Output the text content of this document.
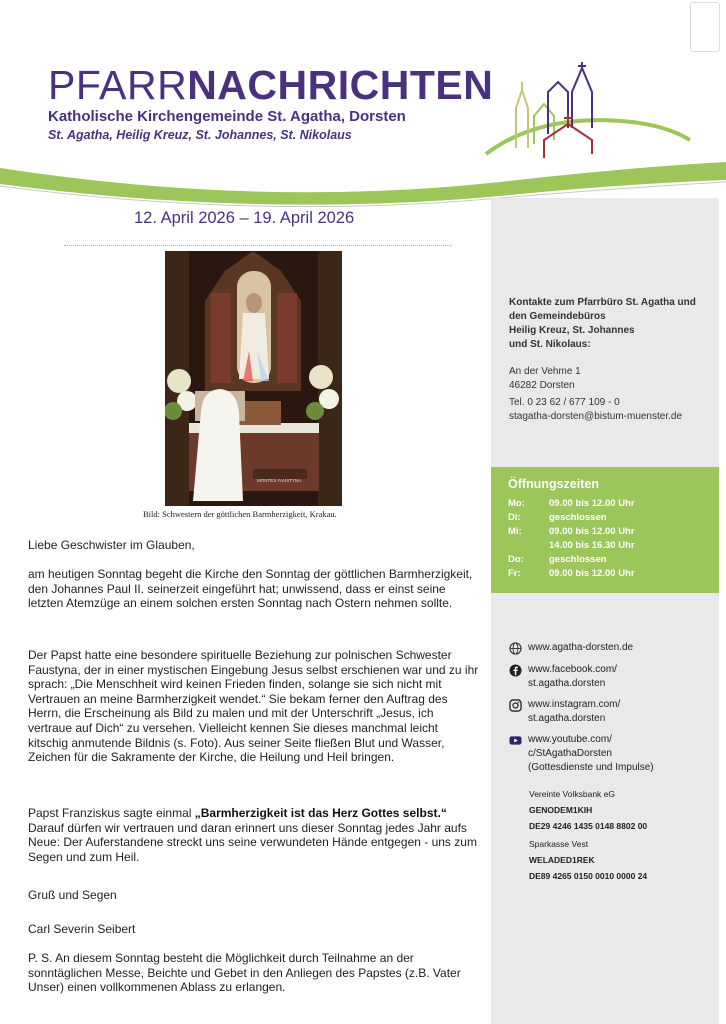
PFARRNACHRICHTEN
Katholische Kirchengemeinde St. Agatha, Dorsten
St. Agatha, Heilig Kreuz, St. Johannes, St. Nikolaus
12. April 2026 – 19. April 2026
MONTES FAUSTYNA
Bild: Schwestern der göttlichen Barmherzigkeit, Krakau.
Liebe Geschwister im Glauben,
am heutigen Sonntag begeht die Kirche den Sonntag der göttlichen Barmherzigkeit, den Johannes Paul II. seinerzeit eingeführt hat; unwissend, dass er einst seine letzten Atemzüge an einem solchen ersten Sonntag nach Ostern nehmen sollte.
Der Papst hatte eine besondere spirituelle Beziehung zur polnischen Schwester Faustyna, der in einer mystischen Eingebung Jesus selbst erschienen war und zu ihr sprach: „Die Menschheit wird keinen Frieden finden, solange sie sich nicht mit Vertrauen an meine Barmherzigkeit wendet.“ Sie bekam ferner den Auftrag des Herrn, die Erscheinung als Bild zu malen und mit der Unterschrift „Jesus, ich vertraue auf Dich“ zu versehen. Vielleicht kennen Sie dieses manchmal leicht kitschig anmutende Bildnis (s. Foto). Aus seiner Seite fließen Blut und Wasser, Zeichen für die Sakramente der Kirche, die Heilung und Heil bringen.
Papst Franziskus sagte einmal „Barmherzigkeit ist das Herz Gottes selbst.“ Darauf dürfen wir vertrauen und daran erinnert uns dieser Sonntag jedes Jahr aufs Neue: Der Auferstandene streckt uns seine verwundeten Hände entgegen - uns zum Segen und zum Heil.
Gruß und Segen
Carl Severin Seibert
P. S. An diesem Sonntag besteht die Möglichkeit durch Teilnahme an der sonntäglichen Messe, Beichte und Gebet in den Anliegen des Papstes (z.B. Vater Unser) einen vollkommenen Ablass zu erlangen.
Kontakte zum Pfarrbüro St. Agatha und
den Gemeindebüros
Heilig Kreuz, St. Johannes
und St. Nikolaus:
An der Vehme 1
46282 Dorsten
Tel. 0 23 62 / 677 109 - 0
stagatha-dorsten@bistum-muenster.de
Öffnungszeiten
Mo:	09.00 bis 12.00 Uhr
Di:	geschlossen
Mi:	09.00 bis 12.00 Uhr
14.00 bis 16.30 Uhr
Do:	geschlossen
Fr:	09.00 bis 12.00 Uhr
www.agatha-dorsten.de
www.facebook.com/
st.agatha.dorsten
www.instagram.com/
st.agatha.dorsten
www.youtube.com/
c/StAgathaDorsten
(Gottesdienste und Impulse)
Vereinte Volksbank eG
GENODEM1KIH
DE29 4246 1435 0148 8802 00
Sparkasse Vest
WELADED1REK
DE89 4265 0150 0010 0000 24
